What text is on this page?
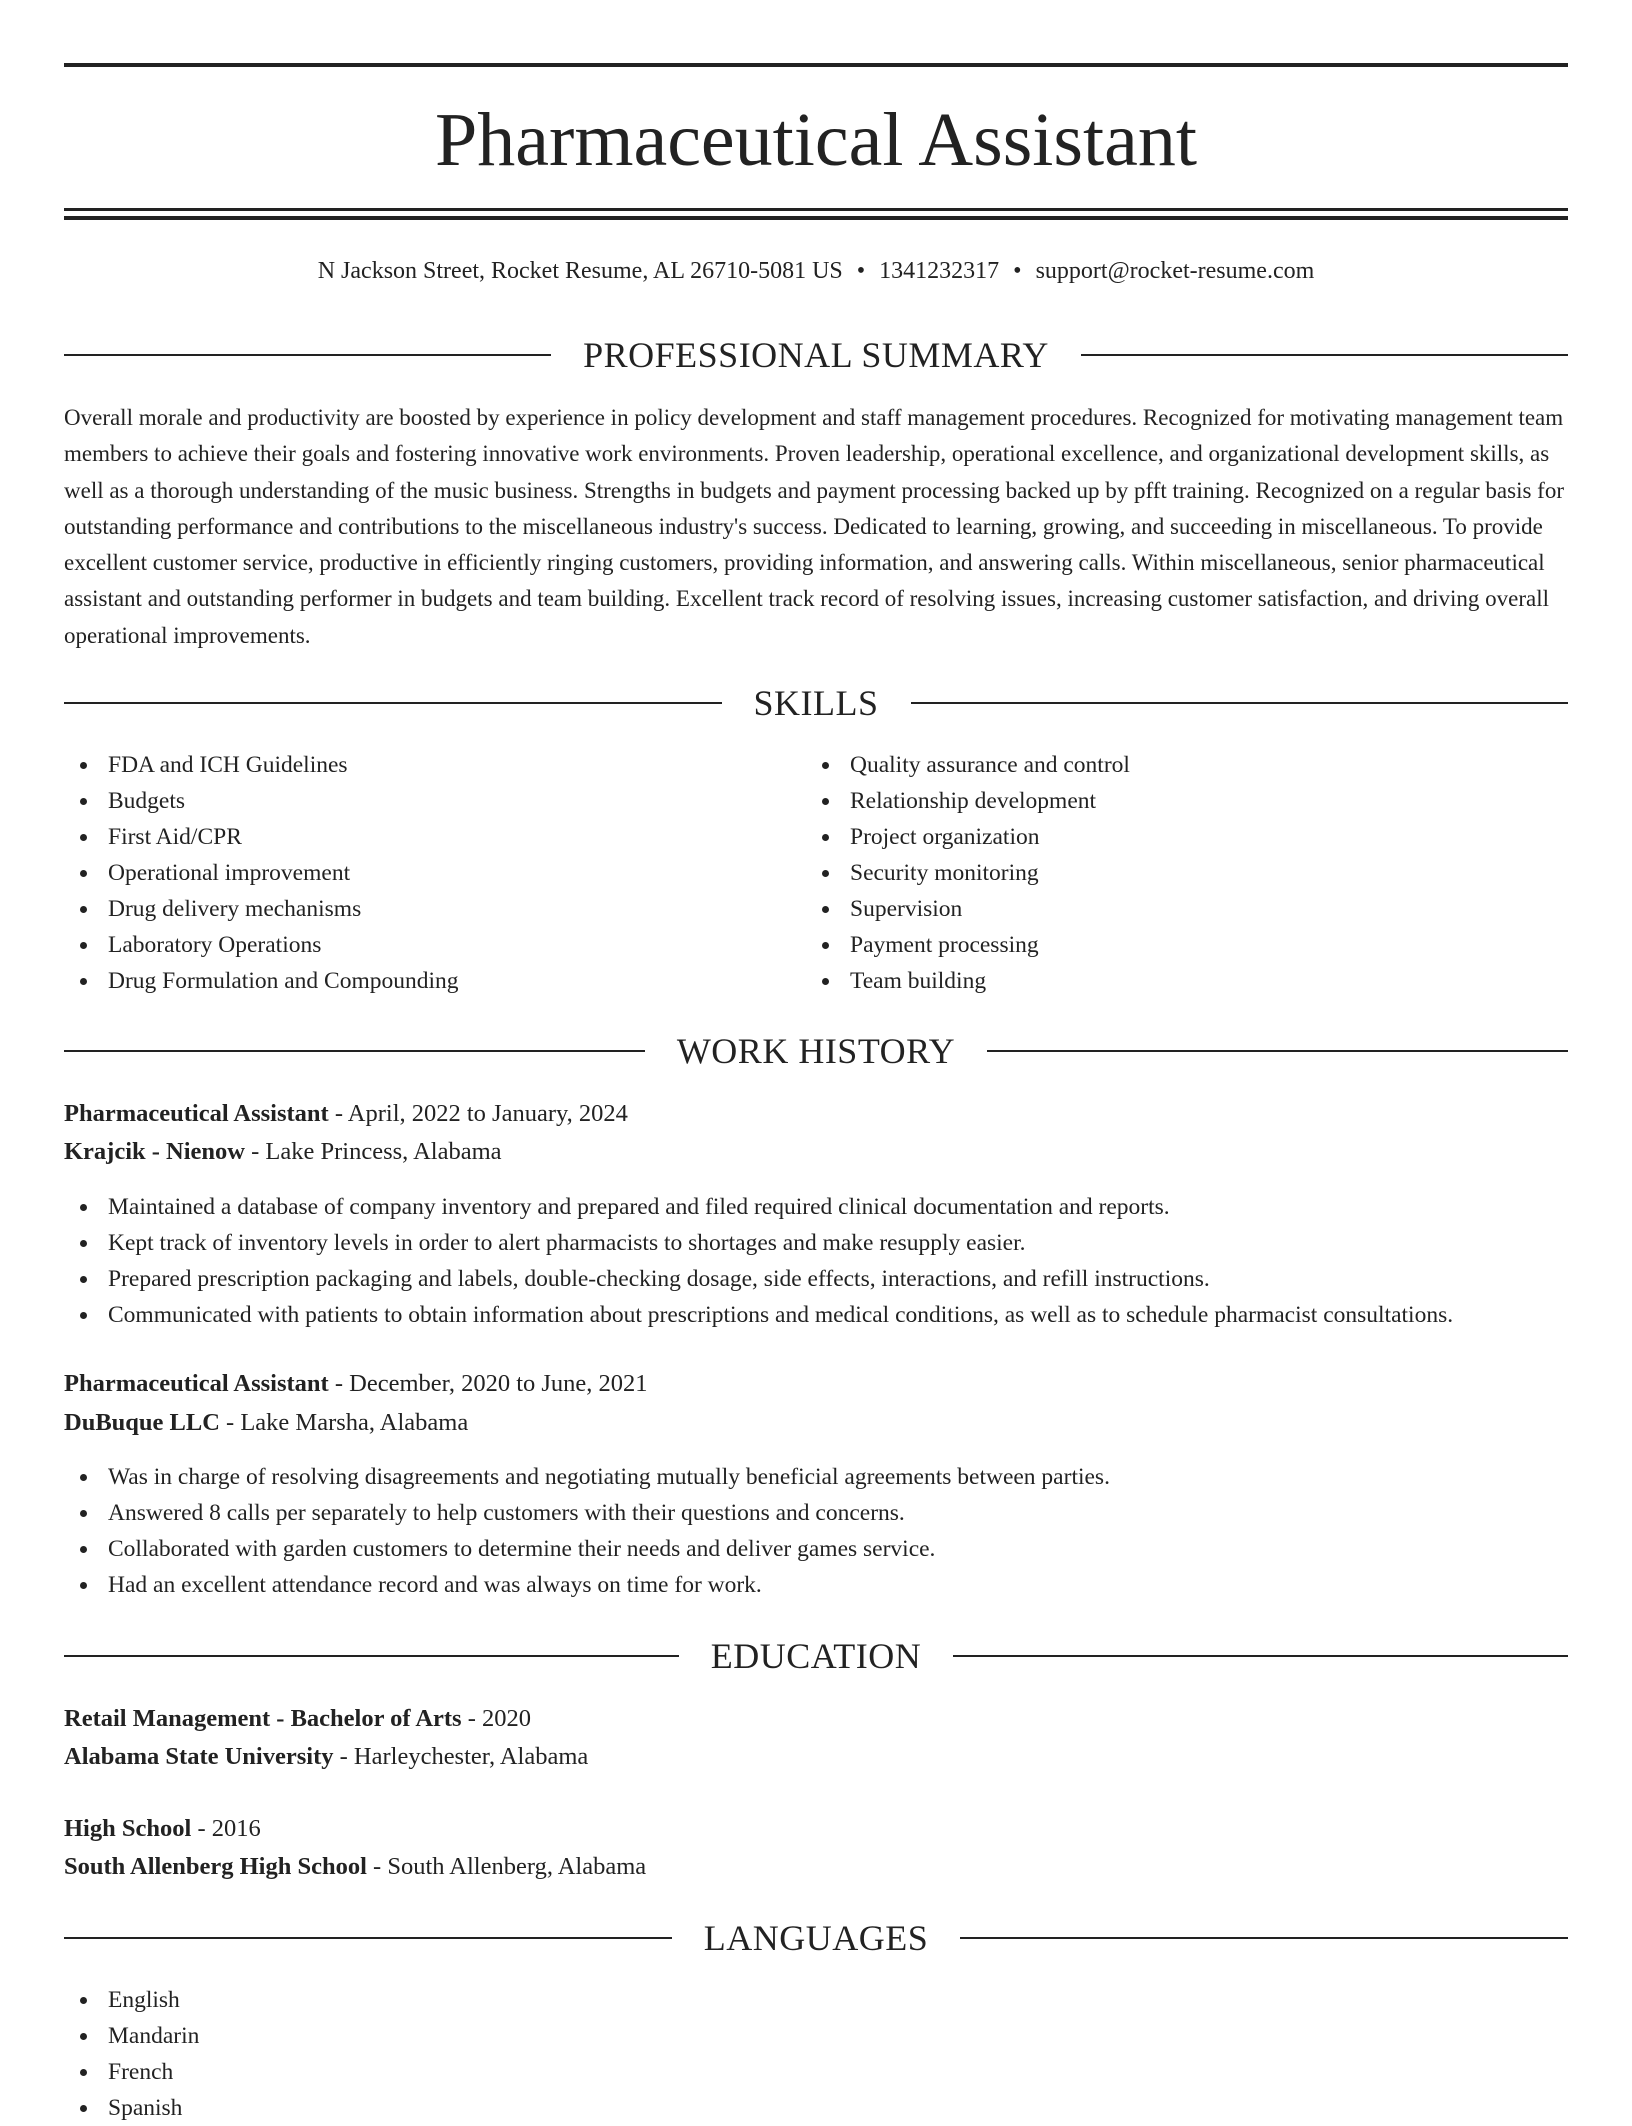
Pharmaceutical Assistant
N Jackson Street, Rocket Resume, AL 26710-5081 US • 1341232317 • support@rocket-resume.com
PROFESSIONAL SUMMARY

Overall morale and productivity are boosted by experience in policy development and staff management procedures. Recognized for motivating management team members to achieve their goals and fostering innovative work environments. Proven leadership, operational excellence, and organizational development skills, as well as a thorough understanding of the music business. Strengths in budgets and payment processing backed up by pfft training. Recognized on a regular basis for outstanding performance and contributions to the miscellaneous industry's success. Dedicated to learning, growing, and succeeding in miscellaneous. To provide excellent customer service, productive in efficiently ringing customers, providing information, and answering calls. Within miscellaneous, senior pharmaceutical assistant and outstanding performer in budgets and team building. Excellent track record of resolving issues, increasing customer satisfaction, and driving overall operational improvements.

SKILLS
FDA and ICH Guidelines
Budgets
First Aid/CPR
Operational improvement
Drug delivery mechanisms
Laboratory Operations
Drug Formulation and Compounding
Quality assurance and control
Relationship development
Project organization
Security monitoring
Supervision
Payment processing
Team building
WORK HISTORY
Pharmaceutical Assistant - April, 2022 to January, 2024
Krajcik - Nienow - Lake Princess, Alabama
Maintained a database of company inventory and prepared and filed required clinical documentation and reports.
Kept track of inventory levels in order to alert pharmacists to shortages and make resupply easier.
Prepared prescription packaging and labels, double-checking dosage, side effects, interactions, and refill instructions.
Communicated with patients to obtain information about prescriptions and medical conditions, as well as to schedule pharmacist consultations.
Pharmaceutical Assistant - December, 2020 to June, 2021
DuBuque LLC - Lake Marsha, Alabama
Was in charge of resolving disagreements and negotiating mutually beneficial agreements between parties.
Answered 8 calls per separately to help customers with their questions and concerns.
Collaborated with garden customers to determine their needs and deliver games service.
Had an excellent attendance record and was always on time for work.
EDUCATION
Retail Management - Bachelor of Arts - 2020
Alabama State University - Harleychester, Alabama
High School - 2016
South Allenberg High School - South Allenberg, Alabama
LANGUAGES
English
Mandarin
French
Spanish
